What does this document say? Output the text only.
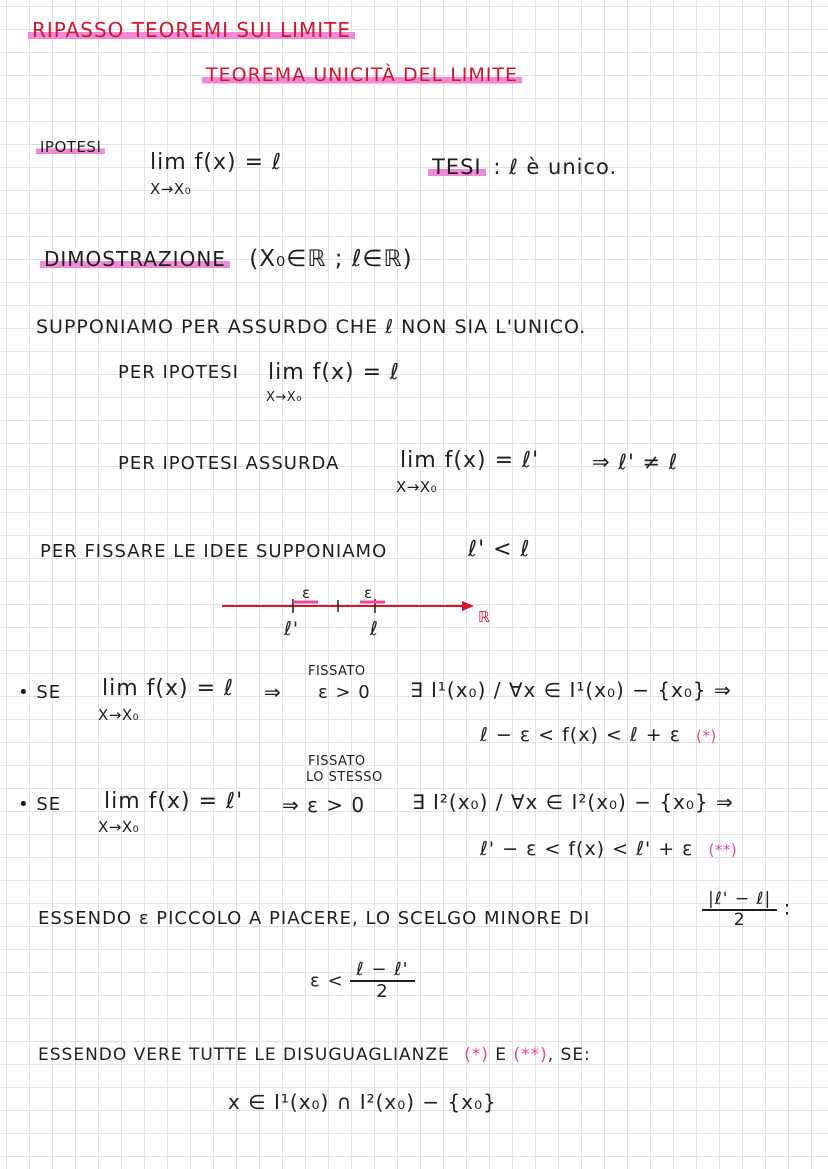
RIPASSO TEOREMI SUI LIMITE
TEOREMA UNICITÀ DEL LIMITE
IPOTESI
lim f(x) = ℓ
X→X₀
TESI : ℓ è unico.
DIMOSTRAZIONE (X₀∈ℝ ; ℓ∈ℝ)
SUPPONIAMO PER ASSURDO CHE ℓ NON SIA L'UNICO.
PER IPOTESI lim f(x) = ℓ
X→X₀
PER IPOTESI ASSURDA	lim f(x) = ℓ'
X→X₀
⇒ ℓ' ≠ ℓ
PER FISSARE LE IDEE SUPPONIAMO	ℓ' < ℓ
ε	ε
ℓ'	ℓ
ℝ
• SE lim f(x) = ℓ
X→X₀
⇒
FISSATO
ε > 0 ∃ I¹(x₀) / ∀x ∈ I¹(x₀) − {x₀} ⇒
ℓ − ε < f(x) < ℓ + ε (*)
FISSATO
LO STESSO
• SE lim f(x) = ℓ'
X→X₀
⇒ ε > 0 ∃ I²(x₀) / ∀x ∈ I²(x₀) − {x₀} ⇒
ℓ' − ε < f(x) < ℓ' + ε (**)
ESSENDO ε PICCOLO A PIACERE, LO SCELGO MINORE DI	$\frac{\text{|ℓ' − ℓ|}}{2}$ :
$\varepsilon < \frac{\text{ℓ − ℓ'}}{2}$
ESSENDO VERE TUTTE LE DISUGUAGLIANZE (*) E (**), SE:
x ∈ I¹(x₀) ∩ I²(x₀) − {x₀}
